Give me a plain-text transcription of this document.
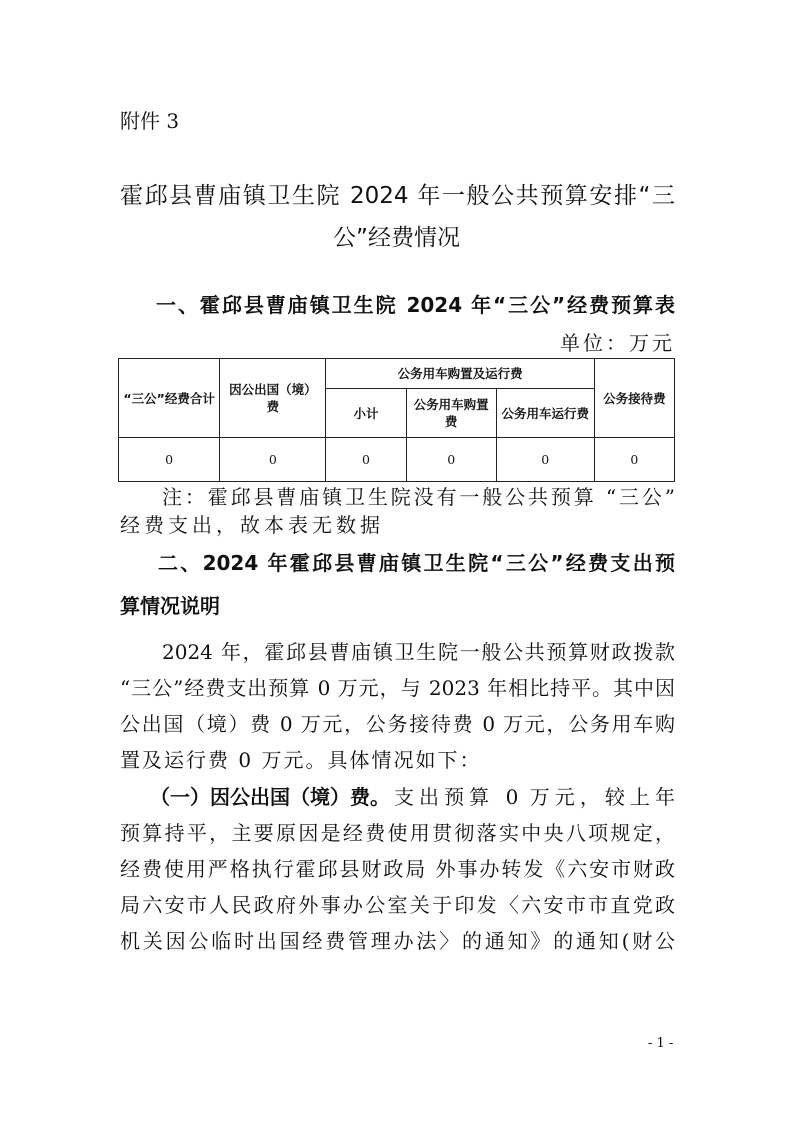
附件 3
霍邱县曹庙镇卫生院 2024 年一般公共预算安排“三
公”经费情况
一、霍邱县曹庙镇卫生院 2024 年“三公”经费预算表
单位：万元
“三公”经费合计	因公出国（境）费	公务用车购置及运行费			公务接待费
		小计	公务用车购置费	公务用车运行费	
0	0	0	0	0	0
注：霍邱县曹庙镇卫生院没有一般公共预算 “三公”
经费支出，故本表无数据
二、2024 年霍邱县曹庙镇卫生院“三公”经费支出预
算情况说明
2024 年，霍邱县曹庙镇卫生院一般公共预算财政拨款
“三公”经费支出预算 0 万元，与 2023 年相比持平。其中因
公出国（境）费 0 万元，公务接待费 0 万元，公务用车购
置及运行费 0 万元。具体情况如下：
（一）因公出国（境）费。 支出预算 0 万元，较上年
预算持平，主要原因是经费使用贯彻落实中央八项规定，
经费使用严格执行霍邱县财政局 外事办转发《六安市财政
局六安市人民政府外事办公室关于印发〈六安市市直党政
机关因公临时出国经费管理办法〉的通知》的通知(财公
- 1 -
